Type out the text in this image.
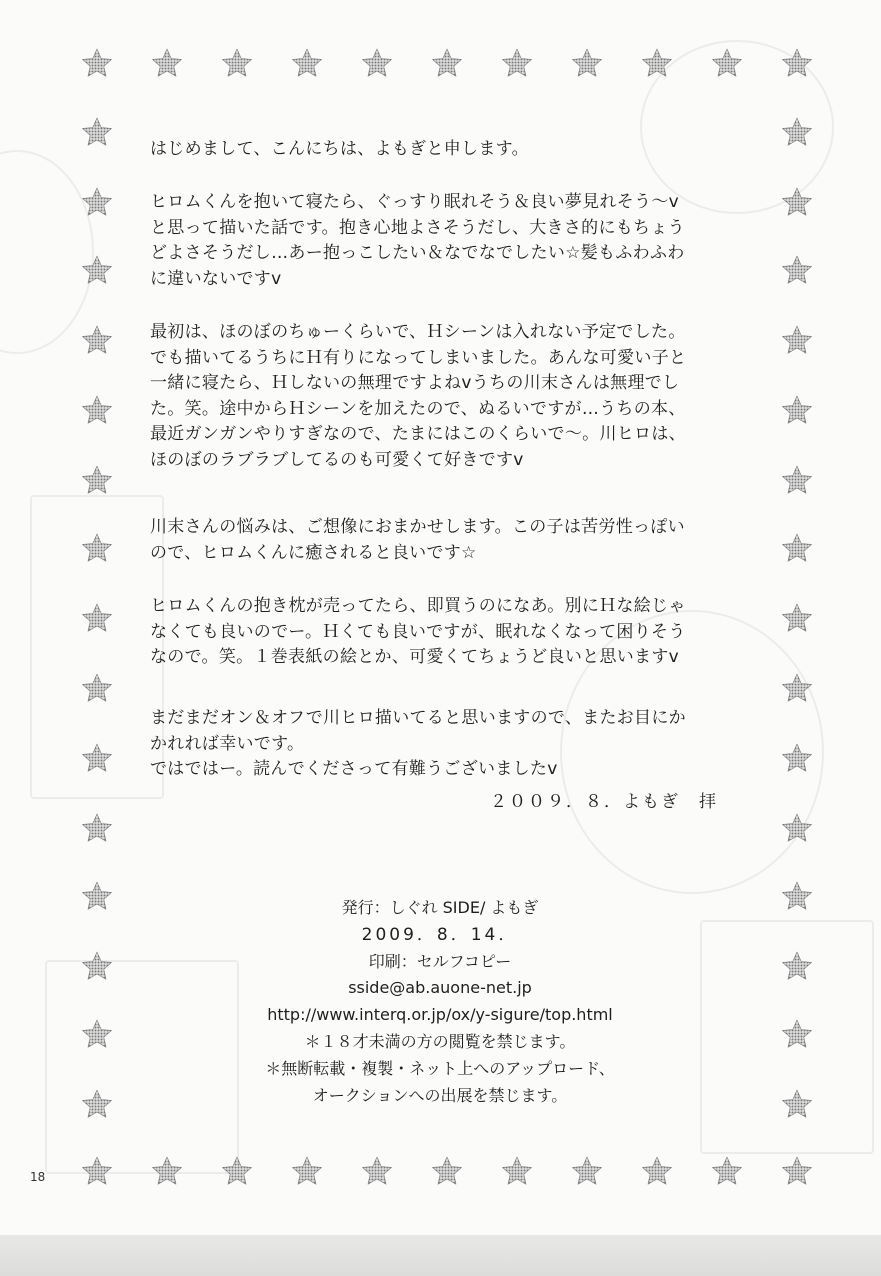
はじめまして、こんにちは、よもぎと申します。

ヒロムくんを抱いて寝たら、ぐっすり眠れそう＆良い夢見れそう～v
と思って描いた話です。抱き心地よさそうだし、大きさ的にもちょう
どよさそうだし…あー抱っこしたい＆なでなでしたい☆髪もふわふわ
に違いないですv

最初は、ほのぼのちゅーくらいで、Ｈシーンは入れない予定でした。
でも描いてるうちにＨ有りになってしまいました。あんな可愛い子と
一緒に寝たら、Ｈしないの無理ですよねvうちの川末さんは無理でし
た。笑。途中からＨシーンを加えたので、ぬるいですが…うちの本、
最近ガンガンやりすぎなので、たまにはこのくらいで～。川ヒロは、
ほのぼのラブラブしてるのも可愛くて好きですv

川末さんの悩みは、ご想像におまかせします。この子は苦労性っぽい
ので、ヒロムくんに癒されると良いです☆

ヒロムくんの抱き枕が売ってたら、即買うのになあ。別にＨな絵じゃ
なくても良いのでー。Ｈくても良いですが、眠れなくなって困りそう
なので。笑。１巻表紙の絵とか、可愛くてちょうど良いと思いますv

まだまだオン＆オフで川ヒロ描いてると思いますので、またお目にか
かれれば幸いです。
ではではー。読んでくださって有難うございましたv

２００９．８．よもぎ　拝
発行：しぐれ SIDE/ よもぎ
2009．8．14．
印刷：セルフコピー
sside@ab.auone-net.jp
http://www.interq.or.jp/ox/y-sigure/top.html
＊１８才未満の方の閲覧を禁じます。
＊無断転載・複製・ネット上へのアップロード、
オークションへの出展を禁じます。
18
